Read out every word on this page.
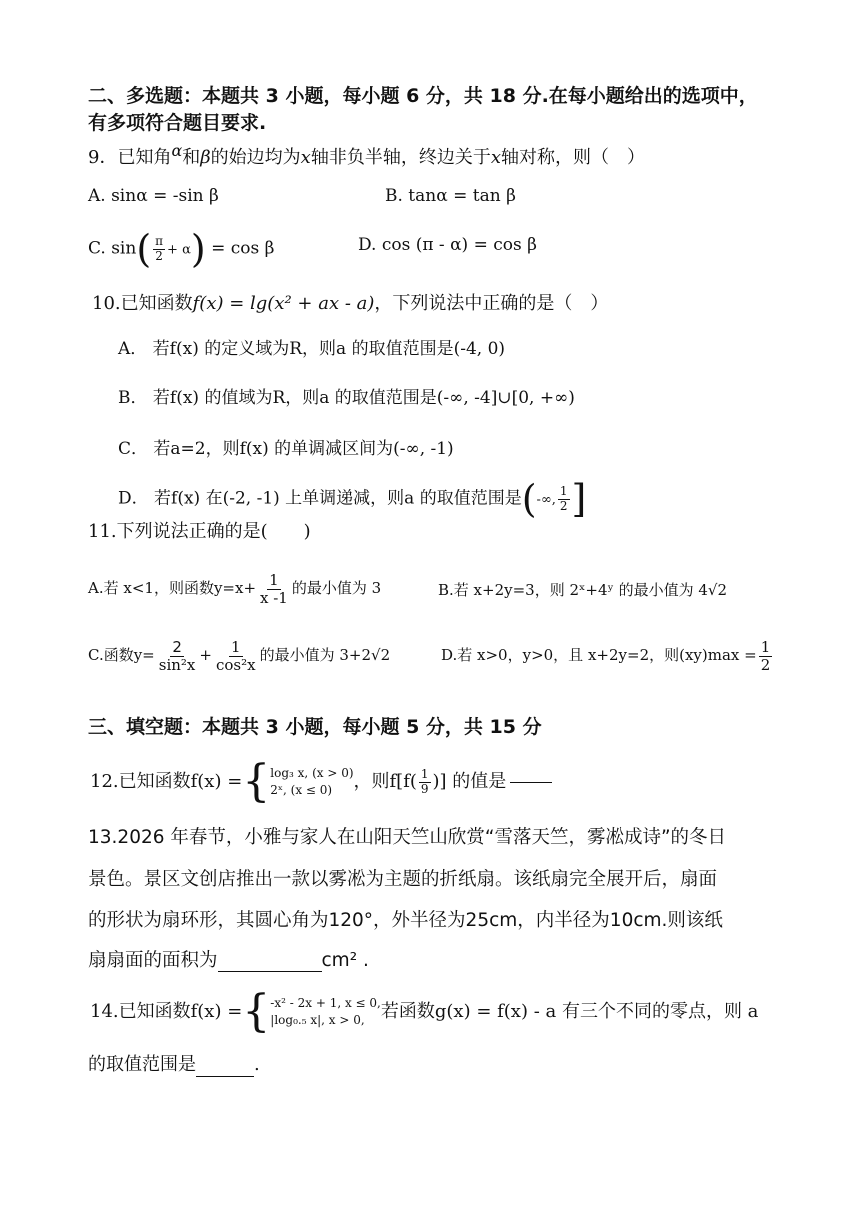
二、多选题：本题共 3 小题，每小题 6 分，共 18 分.在每小题给出的选项中，
有多项符合题目要求.
9．已知角$^\alpha$和β的始边均为x轴非负半轴，终边关于x轴对称，则（　）
A. sinα = -sin β	B. tanα = tan β
C. $\sin( \frac{\pi}{2} + \alpha) = \cos \beta$	D. cos (π - α) = cos β
10.已知函数f(x) = lg(x² + ax - a)，下列说法中正确的是（　）
A． 若f(x) 的定义域为R，则a 的取值范围是(-4, 0)
B． 若f(x) 的值域为R，则a 的取值范围是(-∞, -4]∪[0, +∞)
C． 若a=2，则f(x) 的单调减区间为(-∞, -1)
D． 若f(x) 在(-2, -1) 上单调递减，则a 的取值范围是(-∞, $\frac{1}{2}$ ]
11.下列说法正确的是(　　)
A.若 x<1，则函数$y=x+ \frac{1}{x -1}$ 的最小值为 3	B.若 x+2y=3，则 2ˣ+4ʸ 的最小值为 4√2
C.函数$y= \frac{2}{\text{sin²x}} + \frac{1}{\text{cos²x}}$ 的最小值为 3+2√2	D.若 x>0，y>0，且 x+2y=2，则$(xy)\max = \frac{1}{2}$
三、填空题：本题共 3 小题，每小题 5 分，共 15 分
12.已知函数f(x) = { log₃ x, (x > 0)
2ˣ, (x ≤ 0)	，则$f[f( \frac{1}{9}$ )] 的值是
13.2026 年春节，小雅与家人在山阳天竺山欣赏“雪落天竺，雾凇成诗”的冬日
景色。景区文创店推出一款以雾凇为主题的折纸扇。该纸扇完全展开后，扇面
的形状为扇环形，其圆心角为120°，外半径为25cm，内半径为10cm.则该纸
扇扇面的面积为	cm² .
14.已知函数f(x) = { -x² - 2x + 1, x ≤ 0,
|log₀.₅ x|, x > 0, 若函数g(x) = f(x) - a 有三个不同的零点，则 a
的取值范围是	.
